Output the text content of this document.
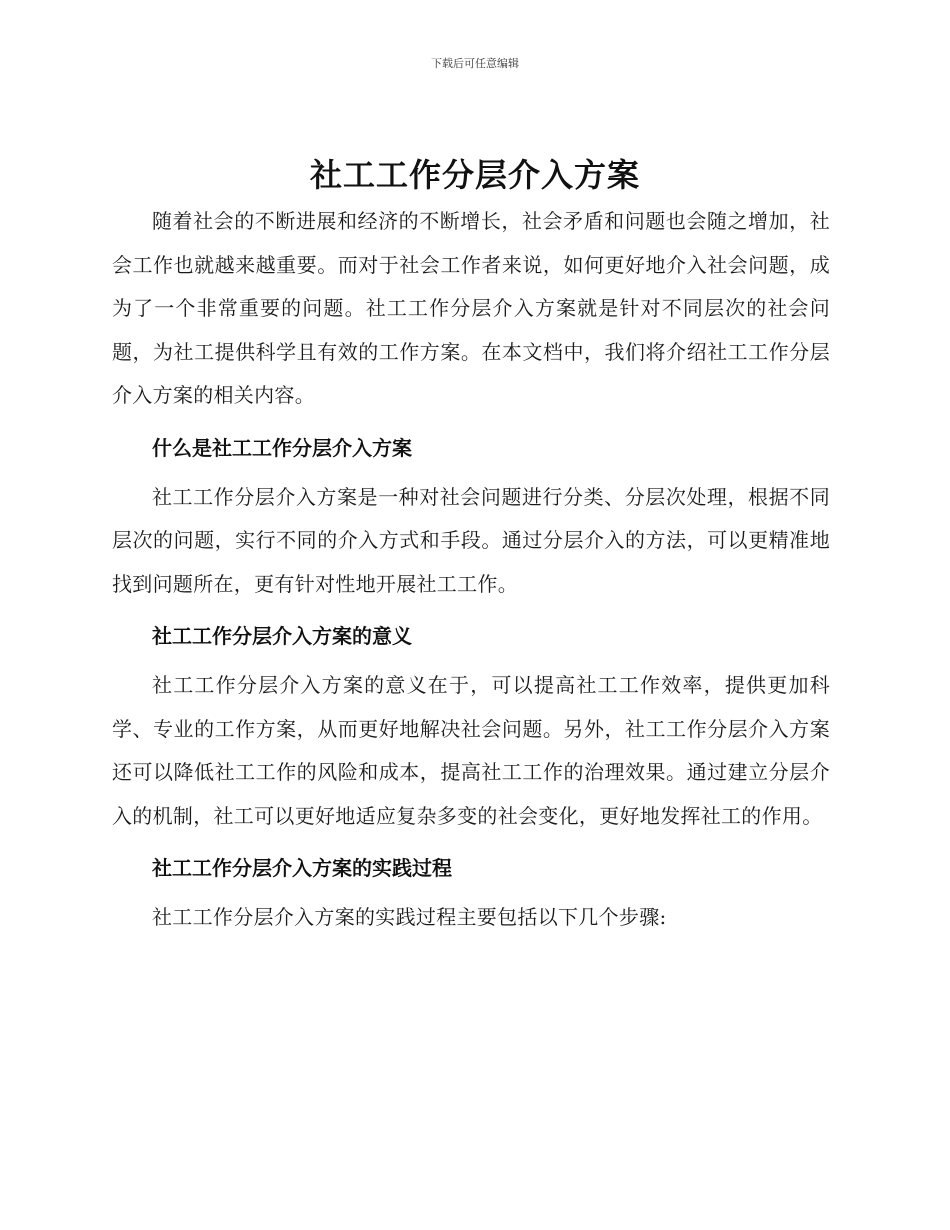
下载后可任意编辑
社工工作分层介入方案

随着社会的不断进展和经济的不断增长，社会矛盾和问题也会随之增加，社会工作也就越来越重要。而对于社会工作者来说，如何更好地介入社会问题，成为了一个非常重要的问题。社工工作分层介入方案就是针对不同层次的社会问题，为社工提供科学且有效的工作方案。在本文档中，我们将介绍社工工作分层介入方案的相关内容。

什么是社工工作分层介入方案

社工工作分层介入方案是一种对社会问题进行分类、分层次处理，根据不同层次的问题，实行不同的介入方式和手段。通过分层介入的方法，可以更精准地找到问题所在，更有针对性地开展社工工作。

社工工作分层介入方案的意义

社工工作分层介入方案的意义在于，可以提高社工工作效率，提供更加科学、专业的工作方案，从而更好地解决社会问题。另外，社工工作分层介入方案还可以降低社工工作的风险和成本，提高社工工作的治理效果。通过建立分层介入的机制，社工可以更好地适应复杂多变的社会变化，更好地发挥社工的作用。

社工工作分层介入方案的实践过程

社工工作分层介入方案的实践过程主要包括以下几个步骤:
